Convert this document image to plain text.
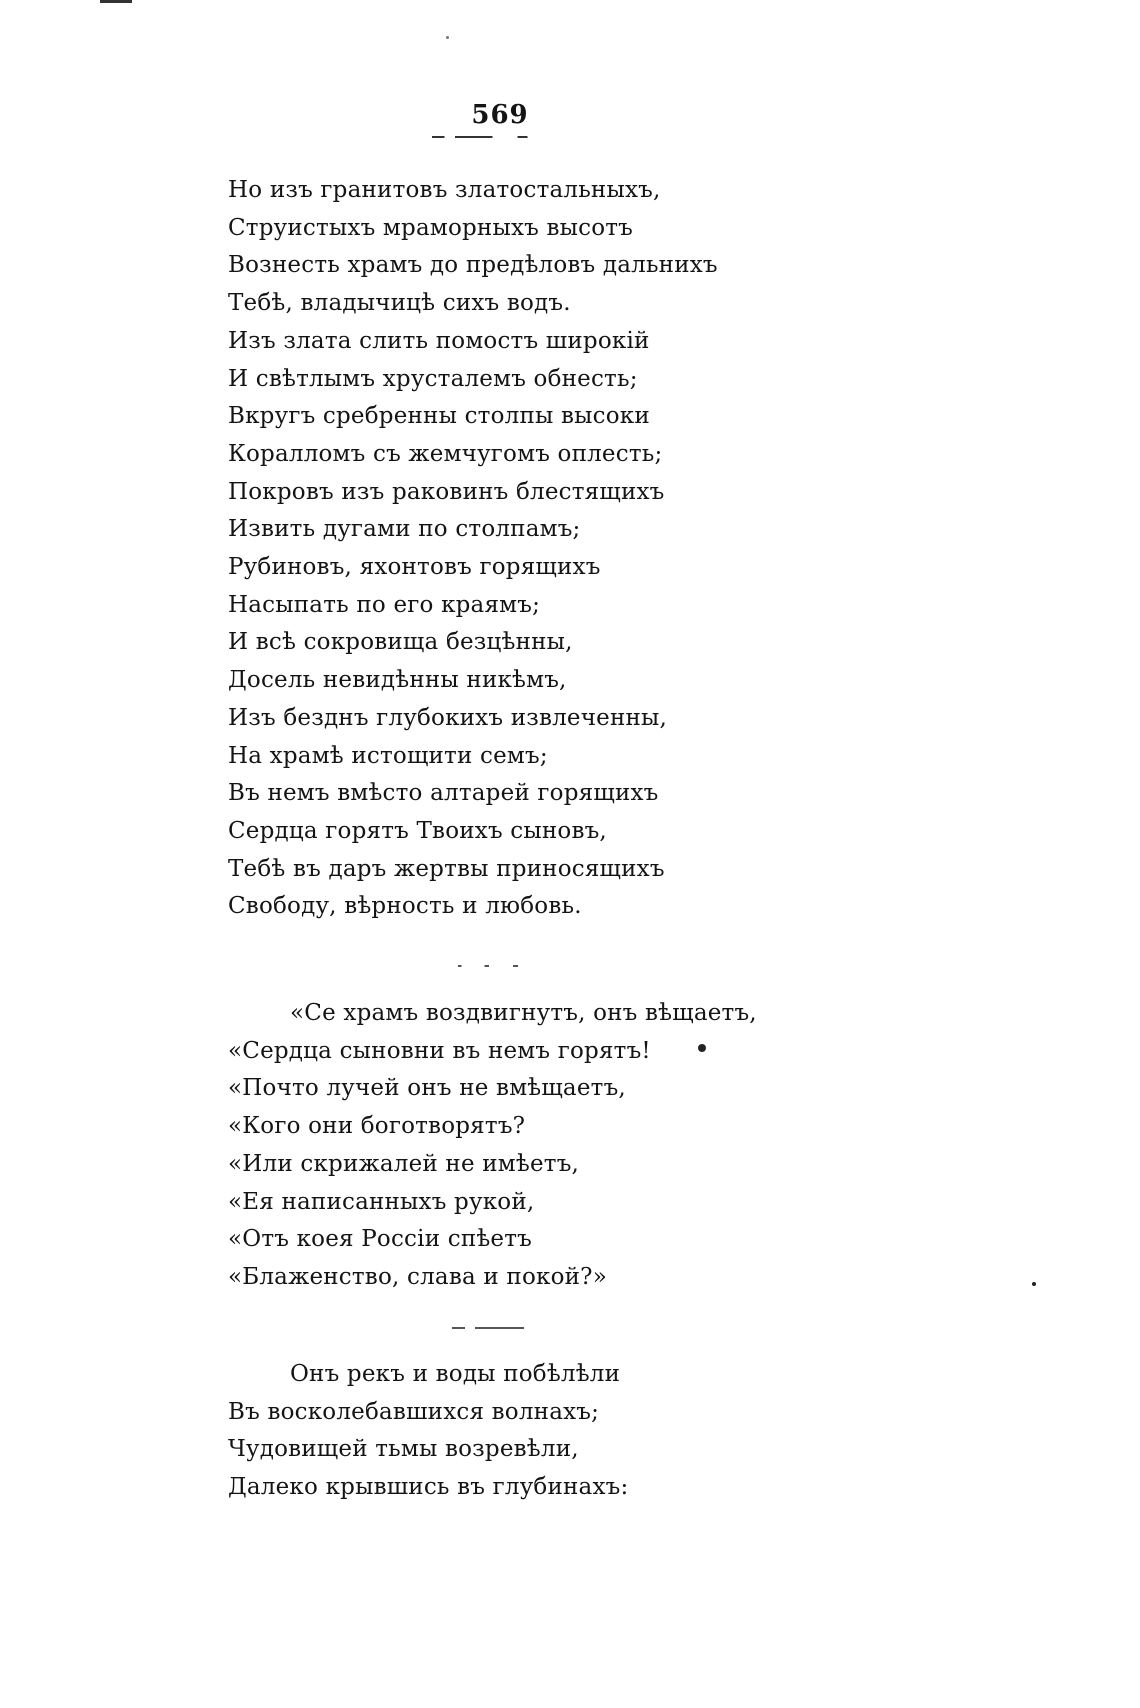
569
Но изъ гранитовъ златостальныхъ,
Струистыхъ мраморныхъ высотъ
Вознесть храмъ до предѣловъ дальнихъ
Тебѣ, владычицѣ сихъ водъ.
Изъ злата слить помостъ широкій
И свѣтлымъ хрусталемъ обнесть;
Вкругъ сребренны столпы высоки
Коралломъ съ жемчугомъ оплесть;
Покровъ изъ раковинъ блестящихъ
Извить дугами по столпамъ;
Рубиновъ, яхонтовъ горящихъ
Насыпать по его краямъ;
И всѣ сокровища безцѣнны,
Досель невидѣнны никѣмъ,
Изъ безднъ глубокихъ извлеченны,
На храмѣ истощити семъ;
Въ немъ вмѣсто алтарей горящихъ
Сердца горятъ Твоихъ сыновъ,
Тебѣ въ даръ жертвы приносящихъ
Свободу, вѣрность и любовь.
«Се храмъ воздвигнутъ, онъ вѣщаетъ,
«Сердца сыновни въ немъ горятъ!
«Почто лучей онъ не вмѣщаетъ,
«Кого они боготворятъ?
«Или скрижалей не имѣетъ,
«Ея написанныхъ рукой,
«Отъ коея Россіи спѣетъ
«Блаженство, слава и покой?»
Онъ рекъ и воды побѣлѣли
Въ восколебавшихся волнахъ;
Чудовищей тьмы возревѣли,
Далеко крывшись въ глубинахъ:
